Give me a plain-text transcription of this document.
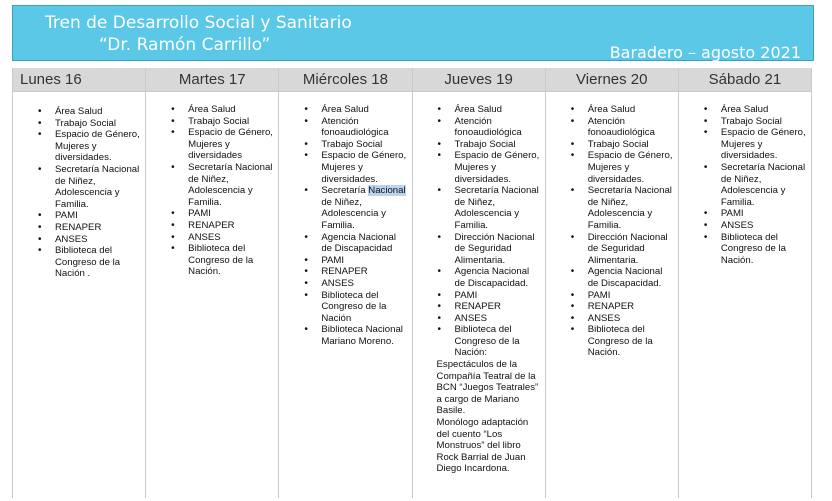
Tren de Desarrollo Social y Sanitario
“Dr. Ramón Carrillo”	Baradero – agosto 2021
Lunes 16
• Área Salud
• Trabajo Social
• Espacio de Género, Mujeres y diversidades.
• Secretaría Nacional de Niñez, Adolescencia y Familia.
• PAMI
• RENAPER
• ANSES
• Biblioteca del Congreso de la Nación .
Martes 17
• Área Salud
• Trabajo Social
• Espacio de Género, Mujeres y diversidades
• Secretaría Nacional de Niñez, Adolescencia y Familia.
• PAMI
• RENAPER
• ANSES
• Biblioteca del Congreso de la Nación.
Miércoles 18
• Área Salud
• Atención fonoaudiológica
• Trabajo Social
• Espacio de Género, Mujeres y diversidades.
• Secretaría Nacional de Niñez, Adolescencia y Familia.
• Agencia Nacional de Discapacidad
• PAMI
• RENAPER
• ANSES
• Biblioteca del Congreso de la Nación
• Biblioteca Nacional Mariano Moreno.
Jueves 19
• Área Salud
• Atención fonoaudiológica
• Trabajo Social
• Espacio de Género, Mujeres y diversidades.
• Secretaría Nacional de Niñez, Adolescencia y Familia.
• Dirección Nacional de Seguridad Alimentaria.
• Agencia Nacional de Discapacidad.
• PAMI
• RENAPER
• ANSES
• Biblioteca del Congreso de la Nación:

Espectáculos de la Compañía Teatral de la BCN “Juegos Teatrales” a cargo de Mariano Basile.

Monólogo adaptación del cuento “Los Monstruos” del libro Rock Barrial de Juan Diego Incardona.

Viernes 20
• Área Salud
• Atención fonoaudiológica
• Trabajo Social
• Espacio de Género, Mujeres y diversidades.
• Secretaría Nacional de Niñez, Adolescencia y Familia.
• Dirección Nacional de Seguridad Alimentaria.
• Agencia Nacional de Discapacidad.
• PAMI
• RENAPER
• ANSES
• Biblioteca del Congreso de la Nación.
Sábado 21
• Área Salud
• Trabajo Social
• Espacio de Género, Mujeres y diversidades.
• Secretaría Nacional de Niñez, Adolescencia y Familia.
• PAMI
• ANSES
• Biblioteca del Congreso de la Nación.
